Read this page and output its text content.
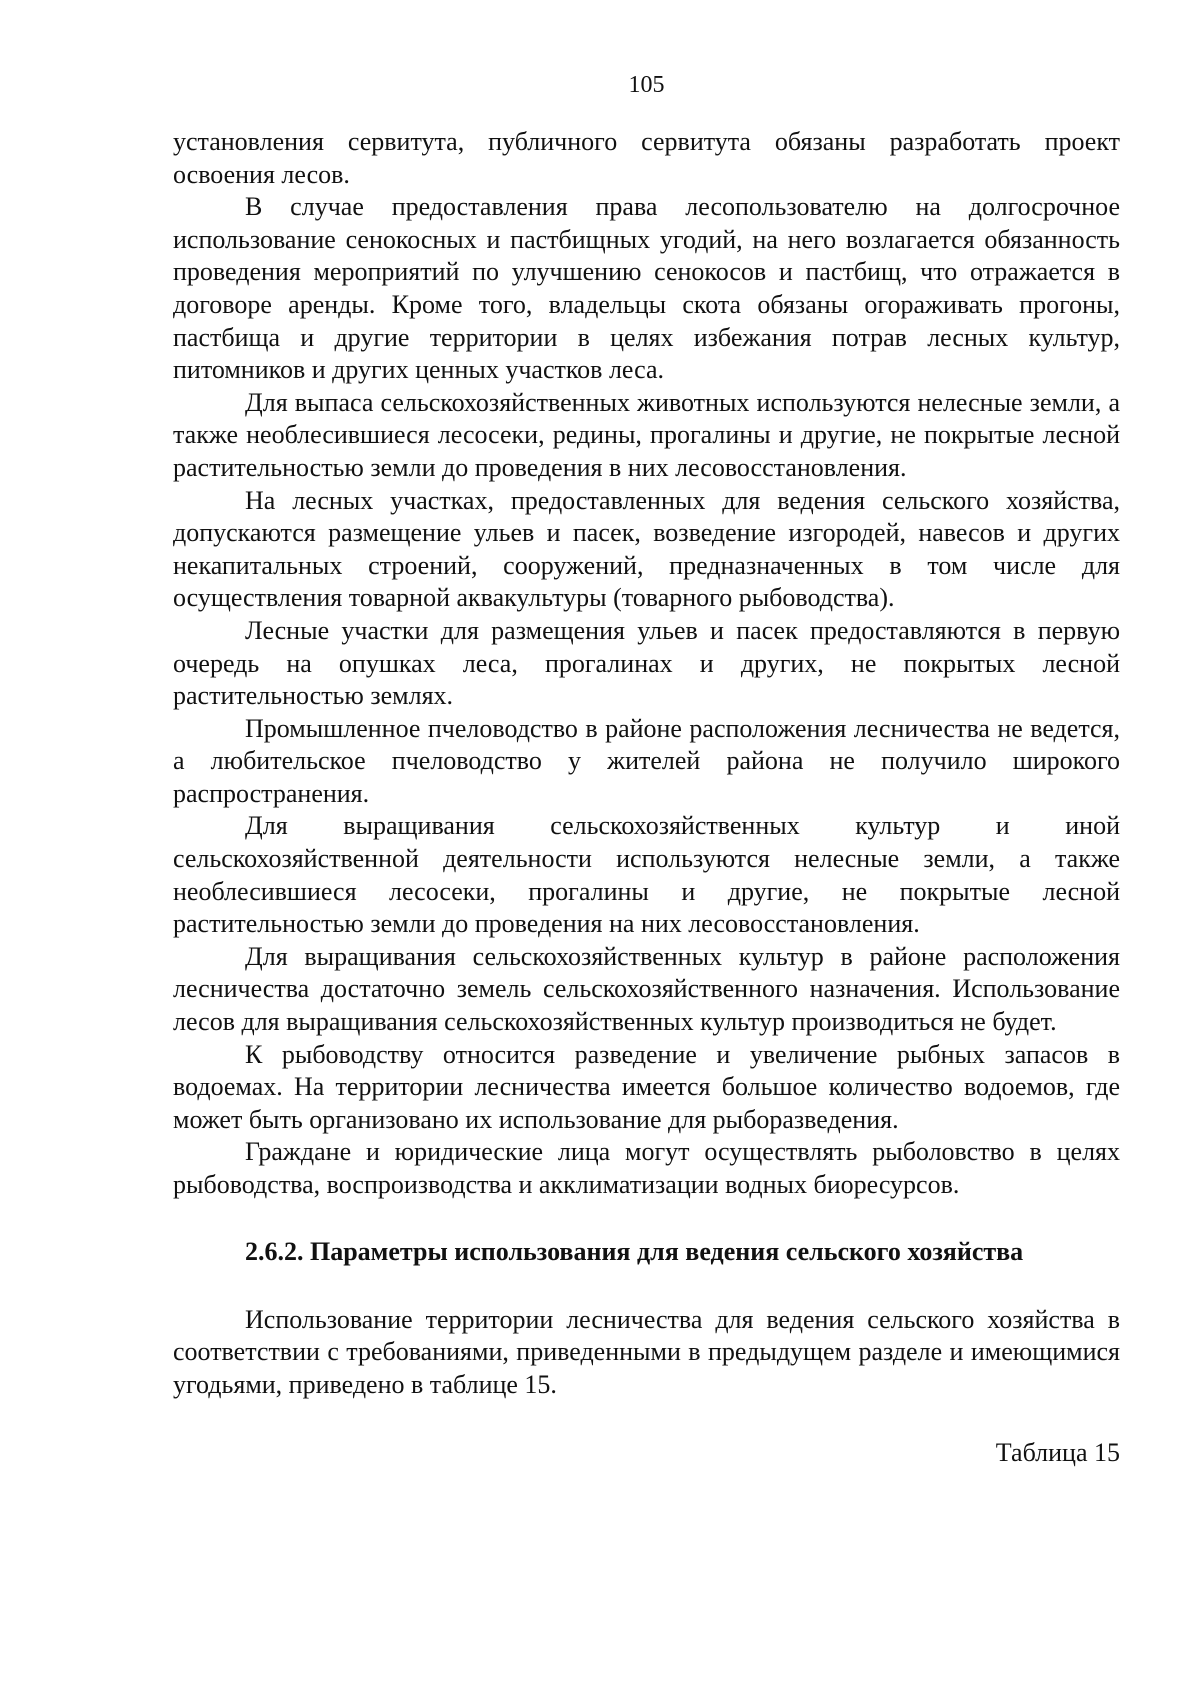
105

установления сервитута, публичного сервитута обязаны разработать проект освоения лесов.

В случае предоставления права лесопользователю на долгосрочное использование сенокосных и пастбищных угодий, на него возлагается обязанность проведения мероприятий по улучшению сенокосов и пастбищ, что отражается в договоре аренды. Кроме того, владельцы скота обязаны огораживать прогоны, пастбища и другие территории в целях избежания потрав лесных культур, питомников и других ценных участков леса.

Для выпаса сельскохозяйственных животных используются нелесные земли, а также необлесившиеся лесосеки, редины, прогалины и другие, не покрытые лесной растительностью земли до проведения в них лесовосстановления.

На лесных участках, предоставленных для ведения сельского хозяйства, допускаются размещение ульев и пасек, возведение изгородей, навесов и других некапитальных строений, сооружений, предназначенных в том числе для осуществления товарной аквакультуры (товарного рыбоводства).

Лесные участки для размещения ульев и пасек предоставляются в первую очередь на опушках леса, прогалинах и других, не покрытых лесной растительностью землях.

Промышленное пчеловодство в районе расположения лесничества не ведется, а любительское пчеловодство у жителей района не получило широкого распространения.

Для выращивания сельскохозяйственных культур и иной сельскохозяйственной деятельности используются нелесные земли, а также необлесившиеся лесосеки, прогалины и другие, не покрытые лесной растительностью земли до проведения на них лесовосстановления.

Для выращивания сельскохозяйственных культур в районе расположения лесничества достаточно земель сельскохозяйственного назначения. Использование лесов для выращивания сельскохозяйственных культур производиться не будет.

К рыбоводству относится разведение и увеличение рыбных запасов в водоемах. На территории лесничества имеется большое количество водоемов, где может быть организовано их использование для рыборазведения.

Граждане и юридические лица могут осуществлять рыболовство в целях рыбоводства, воспроизводства и акклиматизации водных биоресурсов.

2.6.2. Параметры использования для ведения сельского хозяйства

Использование территории лесничества для ведения сельского хозяйства в соответствии с требованиями, приведенными в предыдущем разделе и имеющимися угодьями, приведено в таблице 15.

Таблица 15
